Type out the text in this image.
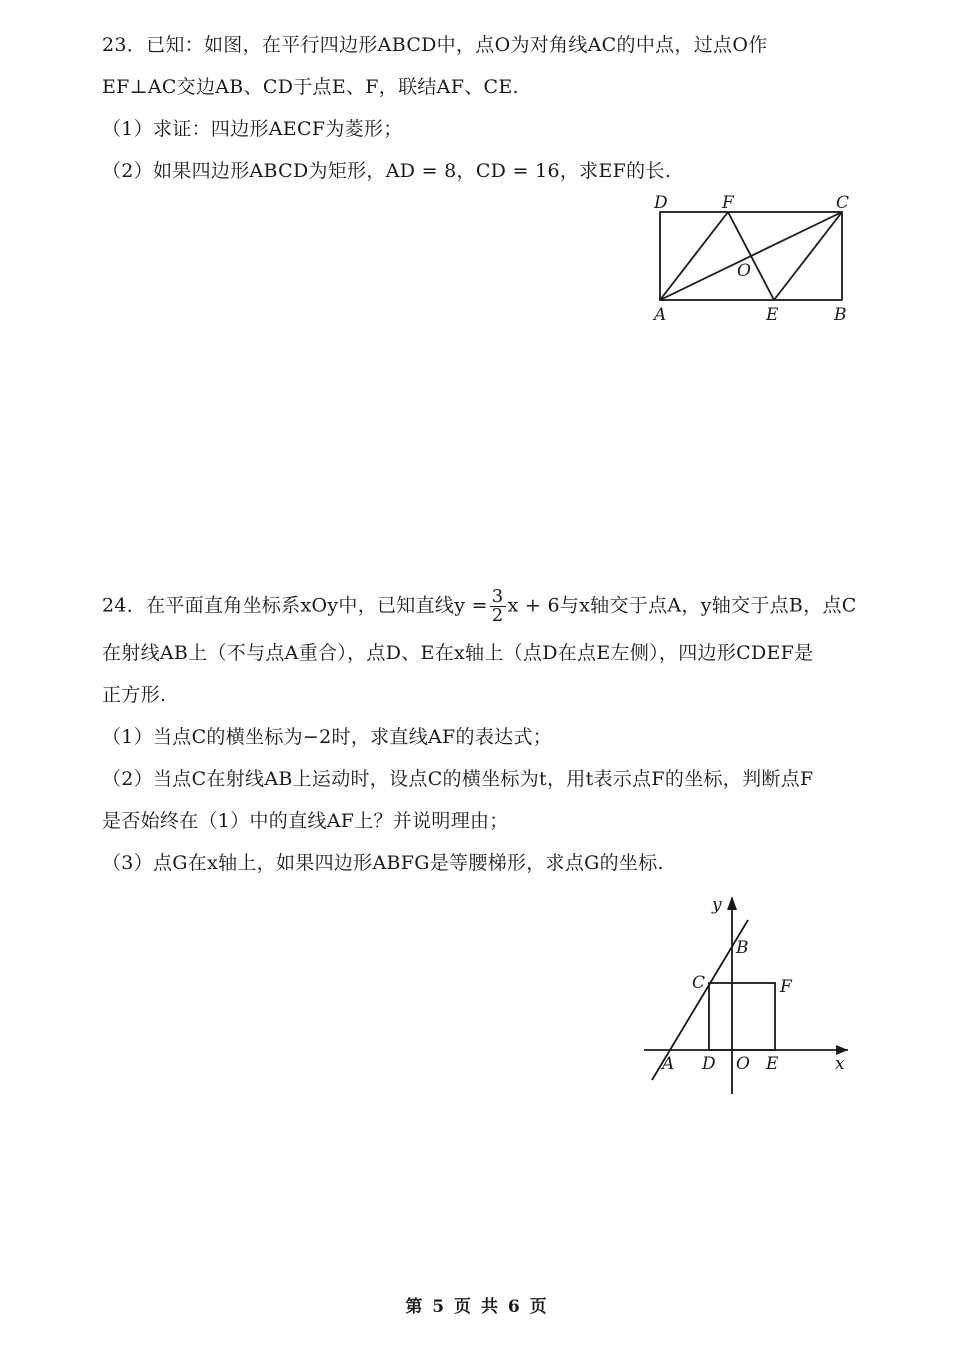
23．已知：如图，在平行四边形ABCD中，点O为对角线AC的中点，过点O作
EF⊥AC交边AB、CD于点E、F，联结AF、CE.
（1）求证：四边形AECF为菱形；
（2）如果四边形ABCD为矩形，AD = 8，CD = 16，求EF的长.
D	F	C
O
A	E	B
24．在平面直角坐标系xOy中，已知直线$y = \frac{3}{2}$ x + 6与x轴交于点A，y轴交于点B，点C
在射线AB上（不与点A重合），点D、E在x轴上（点D在点E左侧），四边形CDEF是
正方形.
（1）当点C的横坐标为−2时，求直线AF的表达式；
（2）当点C在射线AB上运动时，设点C的横坐标为t，用t表示点F的坐标，判断点F
是否始终在（1）中的直线AF上？并说明理由；
（3）点G在x轴上，如果四边形ABFG是等腰梯形，求点G的坐标.
y
B
C	F
A D O E	x
第 5 页 共 6 页
